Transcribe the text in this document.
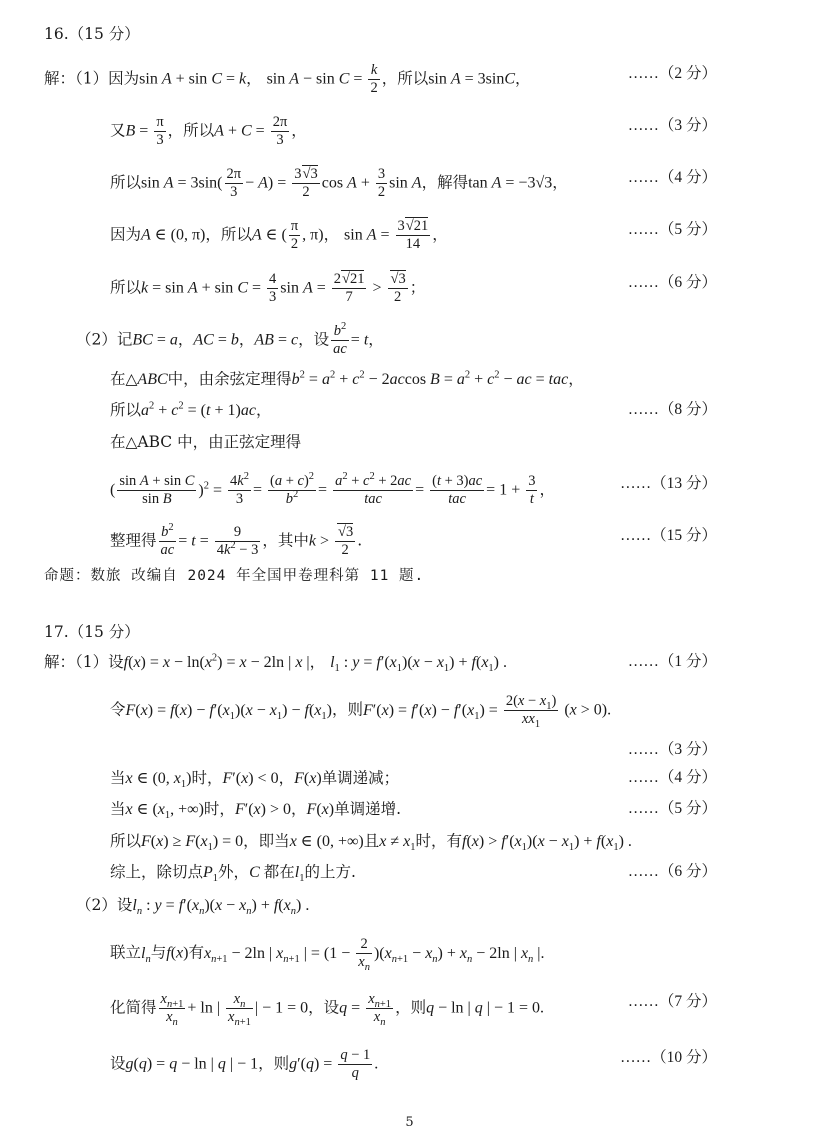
16.（15 分）
解：（1）因为sin A + sin C = k， $\sin A - \sin C = \frac{k}{2}$ ，所以sin A = 3sinC，	……（2 分）
又$B = \frac{\pi}{3}$ ，所以$A + C = \frac{2\pi}{3}$ ，	……（3 分）
所以$\sin A = 3\sin( \frac{2\pi}{3} - A) = \frac{3√3}{2}$ $\cos A + \frac{3}{2}$ sin A，解得tan A = −3√3，	……（4 分）
因为A ∈ (0, π)，所以A ∈ ( $\frac{\pi}{2}$ , π)， $\sin A = \frac{3√21}{14}$ ，	……（5 分）
所以$k = \sin A + \sin C = \frac{4}{3}$ $\sin A = \frac{2√21}{7} > \frac{√3}{2}$ ；	……（6 分）
（2）记BC = a，AC = b，AB = c，设 $\frac{b^2}{ac} = t$，
在△ABC中，由余弦定理得$b^2 = a^2 + c^2 - 2accos$ $B = a^2 + c^2$ − ac = tac，
所以$a^2 + c^2 = (t + 1)ac$，	……（8 分）
在△ABC 中，由正弦定理得
( $\frac{\text{sin A + sin C}}{\text{sin B}} )^2 = \frac{4k^2}{3} = \frac{(a + c)^2}{b^2}$ =
$a^2 + c^2 + 2ac$
tac
=
(t + 3)ac
tac
= $1 + \frac{3}{t}$ ，	……（13 分）
整理得 $\frac{b^2}{ac} = t = \frac{9}{4k^2 - 3}$ ，其中$k > \frac{√3}{2}$ .	……（15 分）
命题：数旅 改编自 2024 年全国甲卷理科第 11 题.
17.（15 分）
解：（1）设$f(x) = x - \ln(x^2) = x - 2\ln$ | x |， $l_1$ : $y = f'(x_1)(x - x_1) + f(x_1)$ .	……（1 分）
令$F(x) = f(x) - f'(x_1)(x - x_1) - f(x_1)$，则$F'(x) = f'(x) - f'(x_1) = \frac{2(x - x_1)}{xx_1} (x > 0)$.
……（3 分）
当x ∈ (0, $x_1$)时，F′(x) < 0，F(x)单调递减；	……（4 分）
当x ∈ ($x_1$, +∞)时，F′(x) > 0，F(x)单调递增.	……（5 分）
所以$F(x) \ge F(x_1) = 0$，即当x ∈ (0, +∞)且$x \ne x_1$时，有$f(x) > f'(x_1)(x - x_1) + f(x_1)$ .
综上，除切点$P_1$外，C 都在$l_1$的上方.	……（6 分）
（2）设$l_n$ : $y = f'(x_n)(x - x_n) + f(x_n)$ .
联立$l_n$与f(x)有$x_{n+1} - 2\ln$ | $x_{n+1}$ | = $(1 - \frac{2}{x_n} )(x_{n+1} - x_n) + x_n - 2\ln$ | $x_n$ |.
化简得 $\frac{x_{n+1}}{x_n} + \ln$ | $\frac{x_n}{x_{n+1}}$ | − 1 = 0，设$q = \frac{x_{n+1}}{x_n}$ ，则q − ln | q | − 1 = 0.	……（7 分）
设g(q) = q − ln | q | − 1，则$g'(q) = \frac{q - 1}{q}$ .	……（10 分）
5
